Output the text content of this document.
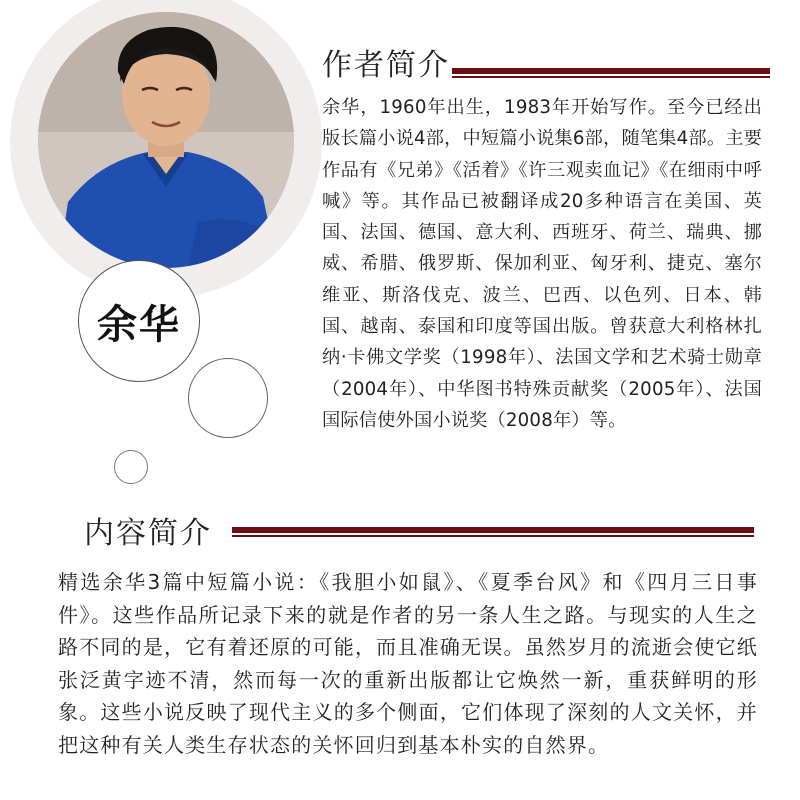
余华
作者简介
余华，1960年出生，1983年开始写作。至今已经出版长篇小说4部，中短篇小说集6部，随笔集4部。主要作品有《兄弟》《活着》《许三观卖血记》《在细雨中呼喊》等。其作品已被翻译成20多种语言在美国、英国、法国、德国、意大利、西班牙、荷兰、瑞典、挪威、希腊、俄罗斯、保加利亚、匈牙利、捷克、塞尔维亚、斯洛伐克、波兰、巴西、以色列、日本、韩国、越南、泰国和印度等国出版。曾获意大利格林扎纳·卡佛文学奖（1998年）、法国文学和艺术骑士勋章（2004年）、中华图书特殊贡献奖（2005年）、法国国际信使外国小说奖（2008年）等。
内容简介
精选余华3篇中短篇小说：《我胆小如鼠》、《夏季台风》和《四月三日事件》。这些作品所记录下来的就是作者的另一条人生之路。与现实的人生之路不同的是，它有着还原的可能，而且准确无误。虽然岁月的流逝会使它纸张泛黄字迹不清，然而每一次的重新出版都让它焕然一新，重获鲜明的形象。这些小说反映了现代主义的多个侧面，它们体现了深刻的人文关怀，并把这种有关人类生存状态的关怀回归到基本朴实的自然界。
